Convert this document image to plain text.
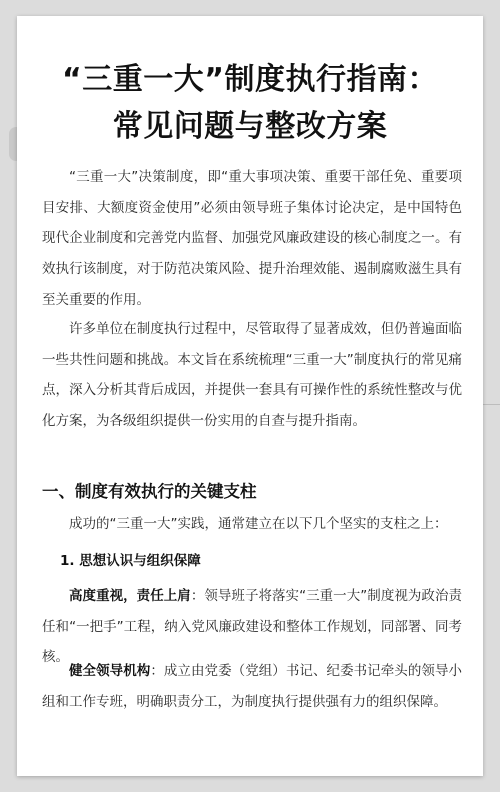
“三重一大”制度执行指南：
常见问题与整改方案

“三重一大”决策制度，即“重大事项决策、重要干部任免、重要项目安排、大额度资金使用”必须由领导班子集体讨论决定，是中国特色现代企业制度和完善党内监督、加强党风廉政建设的核心制度之一。有效执行该制度，对于防范决策风险、提升治理效能、遏制腐败滋生具有至关重要的作用。

许多单位在制度执行过程中，尽管取得了显著成效，但仍普遍面临一些共性问题和挑战。本文旨在系统梳理“三重一大”制度执行的常见痛点，深入分析其背后成因，并提供一套具有可操作性的系统性整改与优化方案，为各级组织提供一份实用的自查与提升指南。

一、制度有效执行的关键支柱
成功的“三重一大”实践，通常建立在以下几个坚实的支柱之上：
1. 思想认识与组织保障

高度重视，责任上肩：领导班子将落实“三重一大”制度视为政治责任和“一把手”工程，纳入党风廉政建设和整体工作规划，同部署、同考核。

健全领导机构：成立由党委（党组）书记、纪委书记牵头的领导小组和工作专班，明确职责分工，为制度执行提供强有力的组织保障。
